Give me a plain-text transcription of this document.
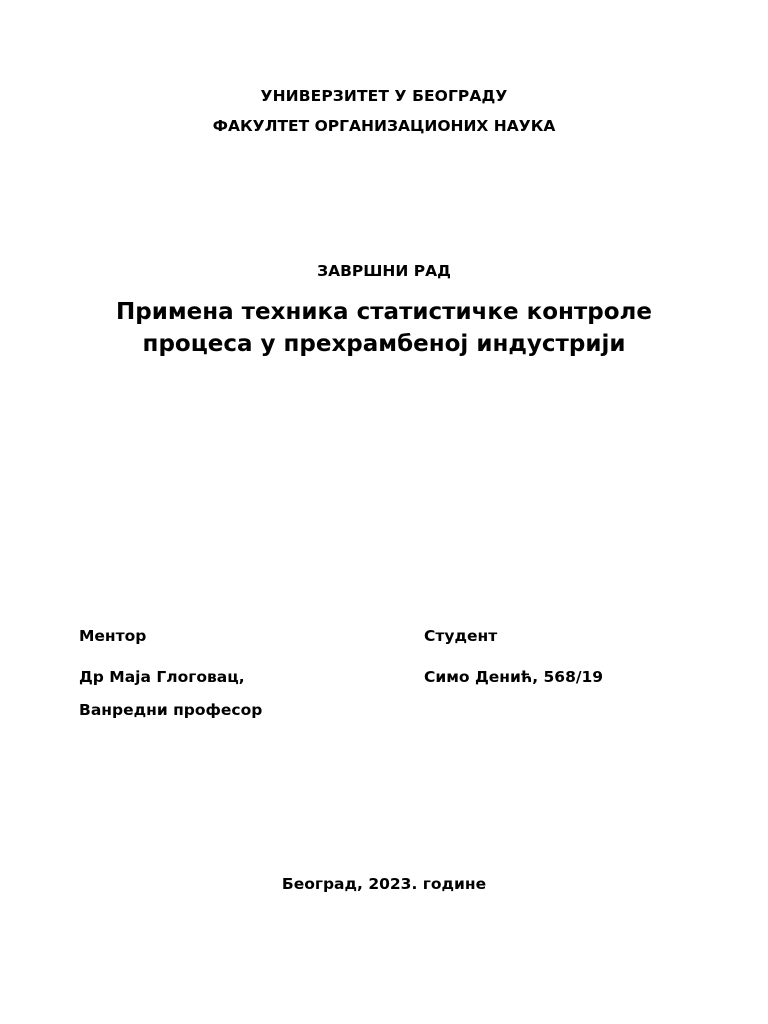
УНИВЕРЗИТЕТ У БЕОГРАДУ
ФАКУЛТЕТ ОРГАНИЗАЦИОНИХ НАУКА
ЗАВРШНИ РАД
Примена техника статистичке контроле
процеса у прехрамбеној индустрији
Ментор	Студент
Др Маја Глоговац,	Симо Денић, 568/19
Ванредни професор
Београд, 2023. године
